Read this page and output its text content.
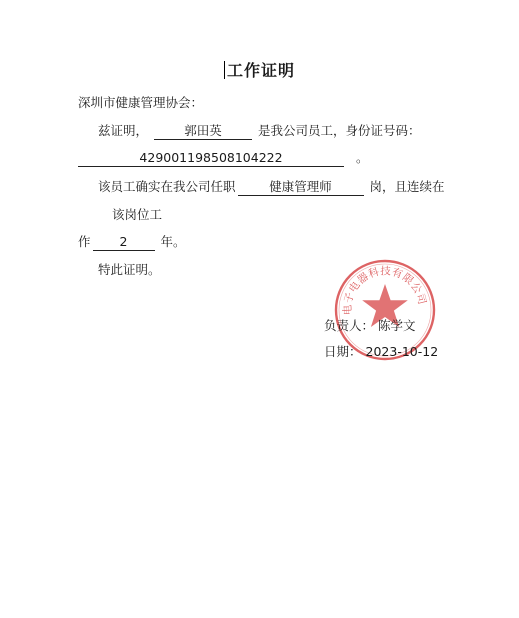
工作证明
深圳市健康管理协会：
兹证明，	郭田英	是我公司员工，身份证号码：
429001198508104222	。
该员工确实在我公司任职	健康管理师	岗，且连续在
该岗位工
作 2	年。
特此证明。
电子电器科技有限公司
负责人： 陈学文
日期： 2023-10-12
